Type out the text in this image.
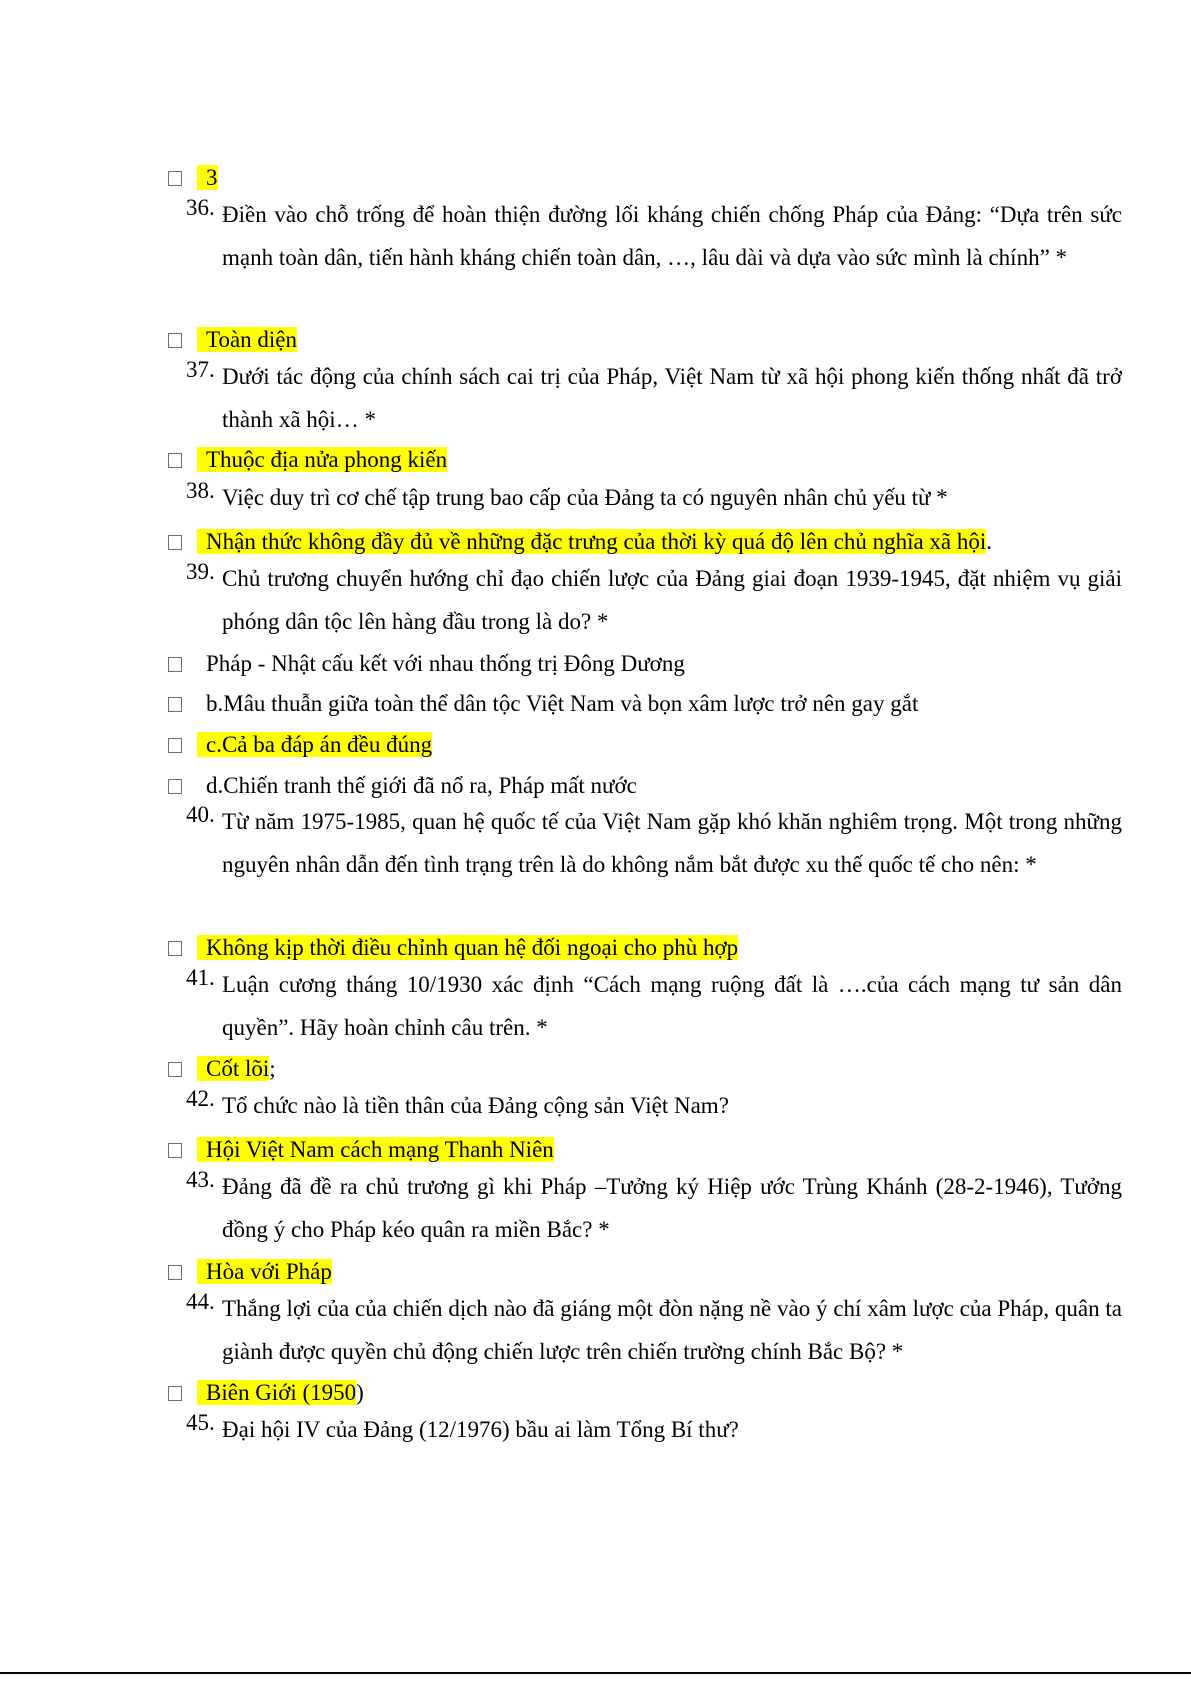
3
36. Điền vào chỗ trống để hoàn thiện đường lối kháng chiến chống Pháp của Đảng: “Dựa trên sức mạnh toàn dân, tiến hành kháng chiến toàn dân, …, lâu dài và dựa vào sức mình là chính” *
Toàn diện
37. Dưới tác động của chính sách cai trị của Pháp, Việt Nam từ xã hội phong kiến thống nhất đã trở thành xã hội… *
Thuộc địa nửa phong kiến
38. Việc duy trì cơ chế tập trung bao cấp của Đảng ta có nguyên nhân chủ yếu từ *
Nhận thức không đầy đủ về những đặc trưng của thời kỳ quá độ lên chủ nghĩa xã hội.
39. Chủ trương chuyển hướng chỉ đạo chiến lược của Đảng giai đoạn 1939-1945, đặt nhiệm vụ giải phóng dân tộc lên hàng đầu trong là do? *
Pháp - Nhật cấu kết với nhau thống trị Đông Dương
b.Mâu thuẫn giữa toàn thể dân tộc Việt Nam và bọn xâm lược trở nên gay gắt
c.Cả ba đáp án đều đúng
d.Chiến tranh thế giới đã nổ ra, Pháp mất nước
40. Từ năm 1975-1985, quan hệ quốc tế của Việt Nam gặp khó khăn nghiêm trọng. Một trong những nguyên nhân dẫn đến tình trạng trên là do không nắm bắt được xu thế quốc tế cho nên: *
Không kịp thời điều chỉnh quan hệ đối ngoại cho phù hợp
41. Luận cương tháng 10/1930 xác định “Cách mạng ruộng đất là ….của cách mạng tư sản dân quyền”. Hãy hoàn chỉnh câu trên. *
Cốt lõi;
42. Tổ chức nào là tiền thân của Đảng cộng sản Việt Nam?
Hội Việt Nam cách mạng Thanh Niên
43. Đảng đã đề ra chủ trương gì khi Pháp –Tưởng ký Hiệp ước Trùng Khánh (28-2-1946), Tưởng đồng ý cho Pháp kéo quân ra miền Bắc? *
Hòa với Pháp
44. Thắng lợi của của chiến dịch nào đã giáng một đòn nặng nề vào ý chí xâm lược của Pháp, quân ta giành được quyền chủ động chiến lược trên chiến trường chính Bắc Bộ? *
Biên Giới (1950)
45. Đại hội IV của Đảng (12/1976) bầu ai làm Tổng Bí thư?
